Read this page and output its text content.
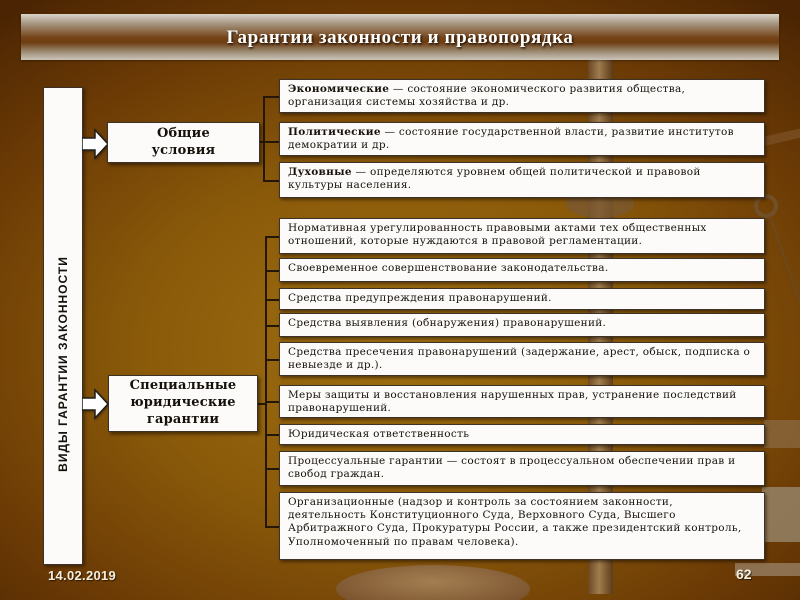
Гарантии законности и правопорядка
ВИДЫ ГАРАНТИИ ЗАКОННОСТИ
Общие условия
Специальные юридические гарантии
Экономические — состояние экономического развития общества, организация системы хозяйства и др.
Политические — состояние государственной власти, развитие институтов демократии и др.
Духовные — определяются уровнем общей политической и правовой культуры населения.
Нормативная урегулированность правовыми актами тех общественных отношений, которые нуждаются в правовой регламентации.
Своевременное совершенствование законодательства.
Средства предупреждения правонарушений.
Средства выявления (обнаружения) правонарушений.
Средства пресечения правонарушений (задержание, арест, обыск, подписка о невыезде и др.).
Меры защиты и восстановления нарушенных прав, устранение последствий правонарушений.
Юридическая ответственность
Процессуальные гарантии — состоят в процессуальном обеспечении прав и свобод граждан.
Организационные (надзор и контроль за состоянием законности, деятельность Конституционного Суда, Верховного Суда, Высшего Арбитражного Суда, Прокуратуры России, а также президентский контроль, Уполномоченный по правам человека).
14.02.2019	62
